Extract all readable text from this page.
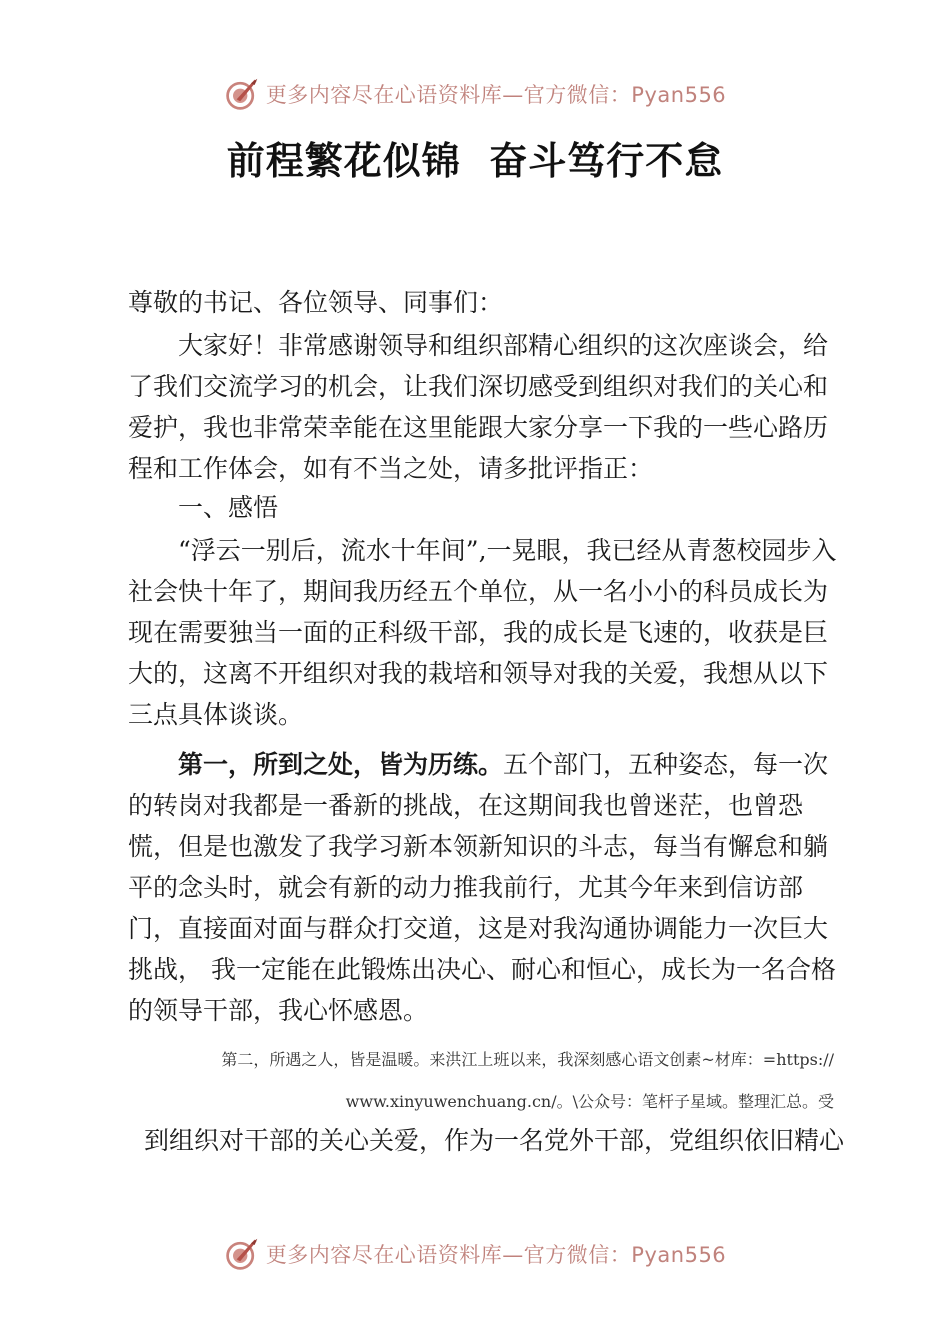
更多内容尽在心语资料库—官方微信：Pyan556
前程繁花似锦  奋斗笃行不怠

尊敬的书记、各位领导、同事们：

大家好！非常感谢领导和组织部精心组织的这次座谈会，给了我们交流学习的机会，让我们深切感受到组织对我们的关心和爱护，我也非常荣幸能在这里能跟大家分享一下我的一些心路历程和工作体会，如有不当之处，请多批评指正：

一、感悟

“浮云一别后，流水十年间”,一晃眼，我已经从青葱校园步入社会快十年了，期间我历经五个单位，从一名小小的科员成长为现在需要独当一面的正科级干部，我的成长是飞速的，收获是巨大的，这离不开组织对我的栽培和领导对我的关爱，我想从以下三点具体谈谈。

第一，所到之处，皆为历练。五个部门，五种姿态，每一次的转岗对我都是一番新的挑战，在这期间我也曾迷茫，也曾恐慌，但是也激发了我学习新本领新知识的斗志，每当有懈怠和躺平的念头时，就会有新的动力推我前行，尤其今年来到信访部门，直接面对面与群众打交道，这是对我沟通协调能力一次巨大挑战， 我一定能在此锻炼出决心、耐心和恒心，成长为一名合格的领导干部，我心怀感恩。

第二，所遇之人，皆是温暖。来洪江上班以来，我深刻感心语文创素~材库：=https://
www.xinyuwenchuang.cn/。\公众号：笔杆子星域。整理汇总。受
到组织对干部的关心关爱，作为一名党外干部，党组织依旧精心
更多内容尽在心语资料库—官方微信：Pyan556
